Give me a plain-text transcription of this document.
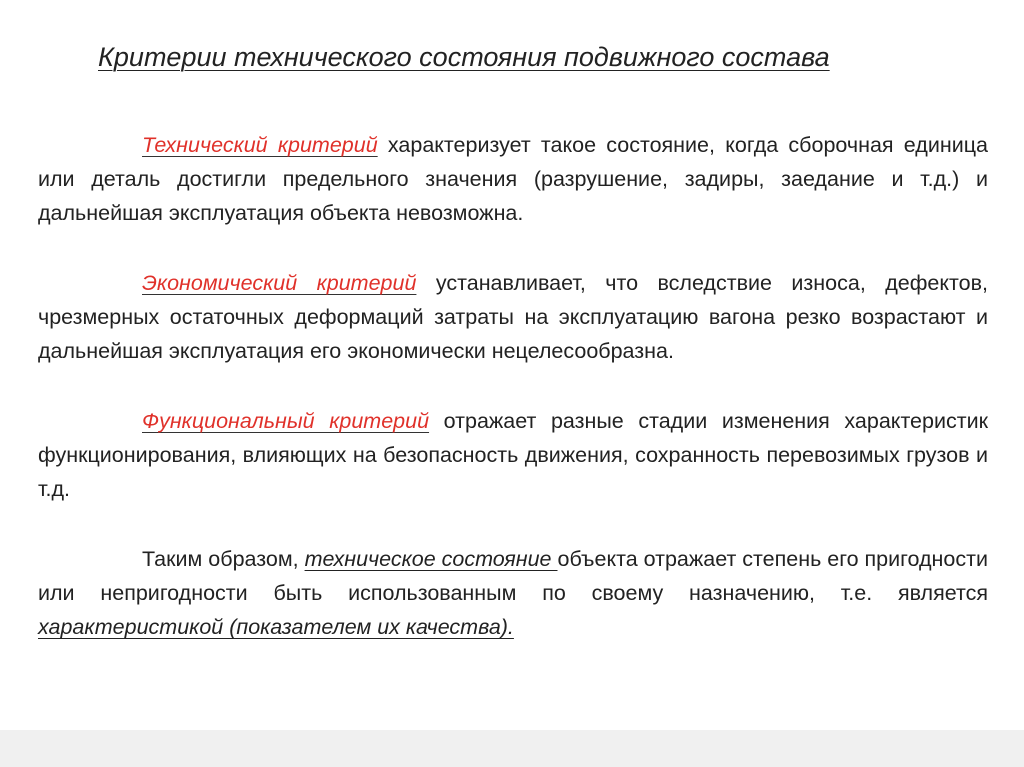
Критерии технического состояния подвижного состава

Технический критерий характеризует такое состояние, когда сборочная единица или деталь достигли предельного значения (разрушение, задиры, заедание и т.д.) и дальнейшая эксплуатация объекта невозможна.

Экономический критерий устанавливает, что вследствие износа, дефектов, чрезмерных остаточных деформаций затраты на эксплуатацию вагона резко возрастают и дальнейшая эксплуатация его экономически нецелесообразна.

Функциональный критерий отражает разные стадии изменения характеристик функционирования, влияющих на безопасность движения, сохранность перевозимых грузов и т.д.

Таким образом, техническое состояние объекта отражает степень его пригодности или непригодности быть использованным по своему назначению, т.е. является характеристикой (показателем их качества).
